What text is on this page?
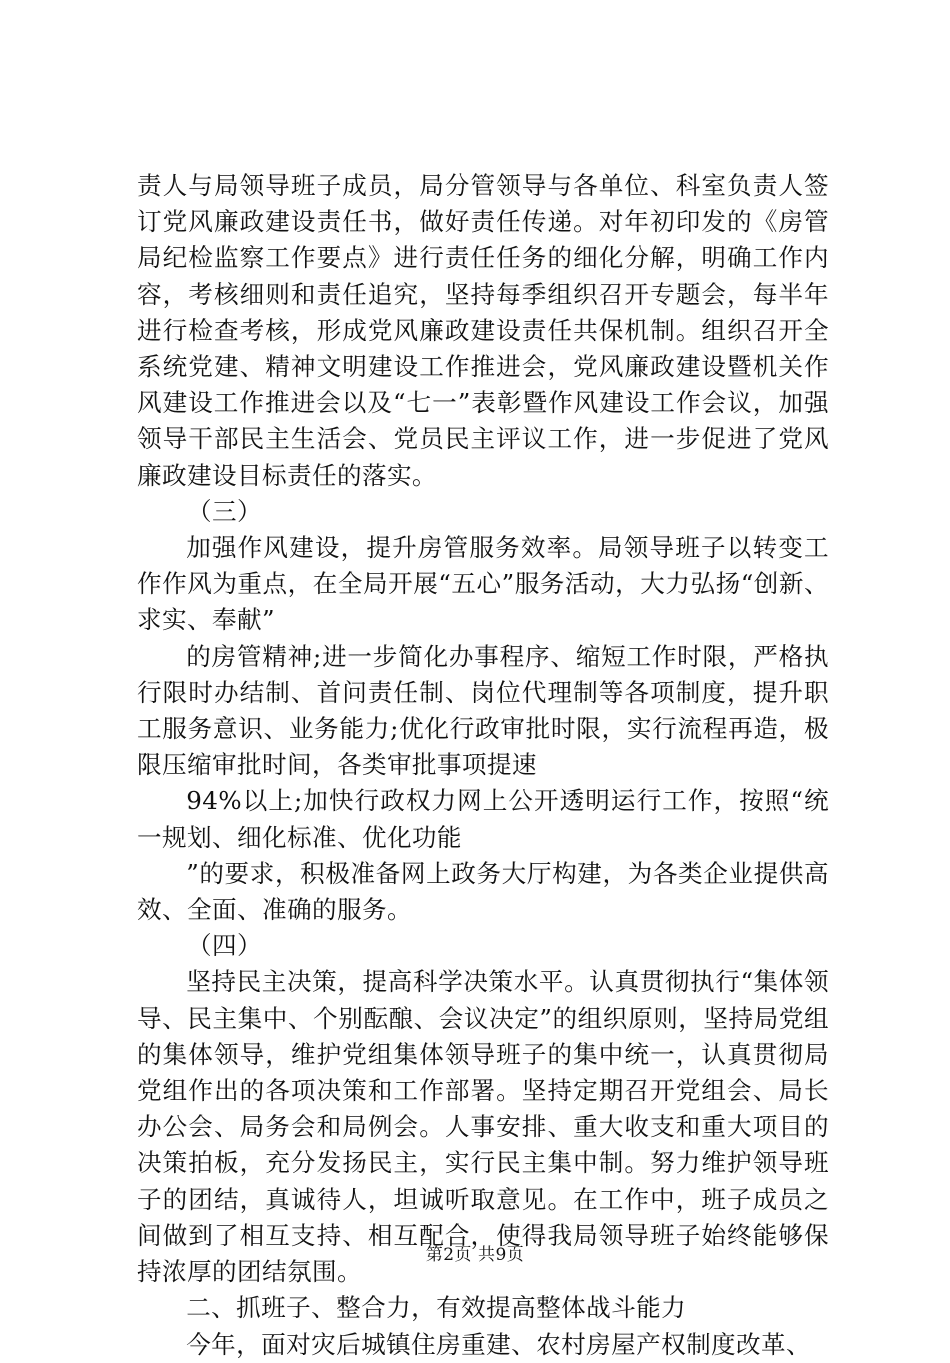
责人与局领导班子成员，局分管领导与各单位、科室负责人签订党风廉政建设责任书，做好责任传递。对年初印发的《房管局纪检监察工作要点》进行责任任务的细化分解，明确工作内容，考核细则和责任追究，坚持每季组织召开专题会，每半年进行检查考核，形成党风廉政建设责任共保机制。组织召开全系统党建、精神文明建设工作推进会，党风廉政建设暨机关作风建设工作推进会以及“七一”表彰暨作风建设工作会议，加强领导干部民主生活会、党员民主评议工作，进一步促进了党风廉政建设目标责任的落实。

（三）

加强作风建设，提升房管服务效率。局领导班子以转变工作作风为重点，在全局开展“五心”服务活动，大力弘扬“创新、求实、奉献”

的房管精神;进一步简化办事程序、缩短工作时限，严格执行限时办结制、首问责任制、岗位代理制等各项制度，提升职工服务意识、业务能力;优化行政审批时限，实行流程再造，极限压缩审批时间，各类审批事项提速

94%以上;加快行政权力网上公开透明运行工作，按照“统一规划、细化标准、优化功能

”的要求，积极准备网上政务大厅构建，为各类企业提供高效、全面、准确的服务。

（四）

坚持民主决策，提高科学决策水平。认真贯彻执行“集体领导、民主集中、个别酝酿、会议决定”的组织原则，坚持局党组的集体领导，维护党组集体领导班子的集中统一，认真贯彻局党组作出的各项决策和工作部署。坚持定期召开党组会、局长办公会、局务会和局例会。人事安排、重大收支和重大项目的决策拍板，充分发扬民主，实行民主集中制。努力维护领导班子的团结，真诚待人，坦诚听取意见。在工作中，班子成员之间做到了相互支持、相互配合，使得我局领导班子始终能够保持浓厚的团结氛围。

二、抓班子、整合力，有效提高整体战斗能力

今年，面对灾后城镇住房重建、农村房屋产权制度改革、

第2页 共9页
